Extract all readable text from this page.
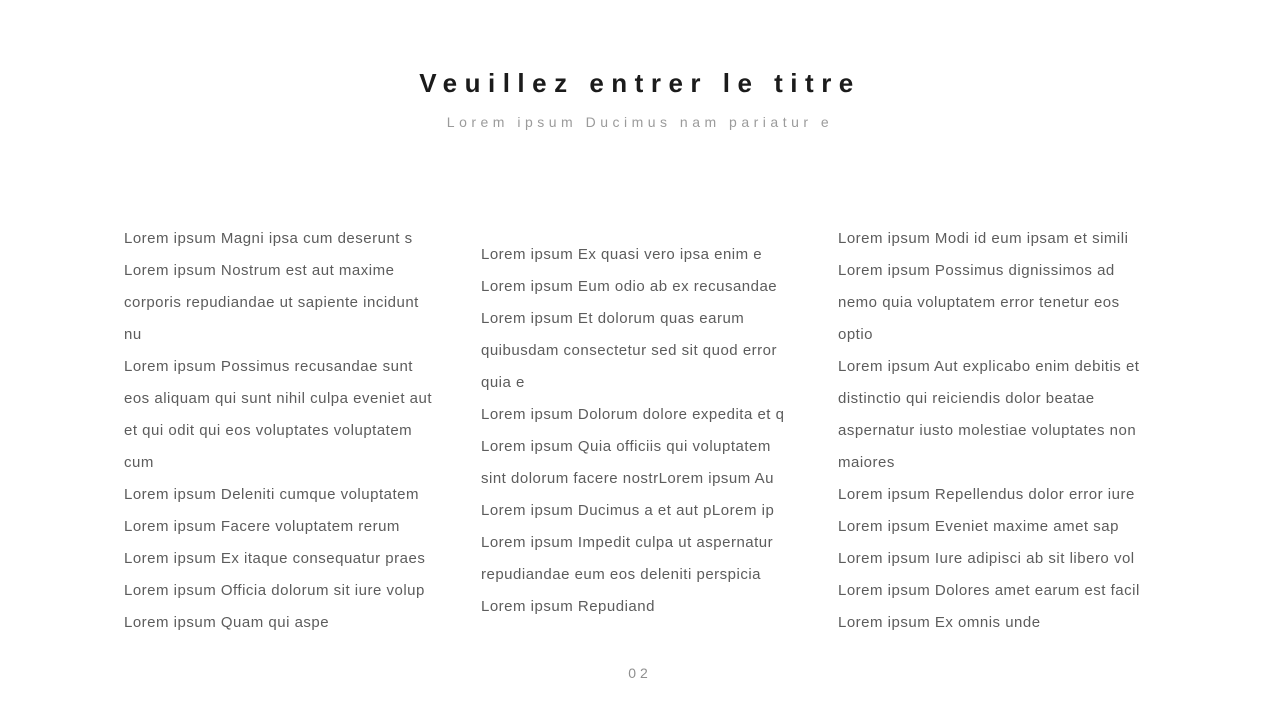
Veuillez entrer le titre
Lorem ipsum Ducimus nam pariatur e

Lorem ipsum Magni ipsa cum deserunt s

Lorem ipsum Nostrum est aut maxime corporis repudiandae ut sapiente incidunt nu

Lorem ipsum Possimus recusandae sunt eos aliquam qui sunt nihil culpa eveniet aut et qui odit qui eos voluptates voluptatem cum

Lorem ipsum Deleniti cumque voluptatem

Lorem ipsum Facere voluptatem rerum

Lorem ipsum Ex itaque consequatur praes

Lorem ipsum Officia dolorum sit iure volup

Lorem ipsum Quam qui aspe

Lorem ipsum Ex quasi vero ipsa enim e

Lorem ipsum Eum odio ab ex recusandae

Lorem ipsum Et dolorum quas earum quibusdam consectetur sed sit quod error quia e

Lorem ipsum Dolorum dolore expedita et q

Lorem ipsum Quia officiis qui voluptatem sint dolorum facere nostrLorem ipsum Au

Lorem ipsum Ducimus a et aut pLorem ip

Lorem ipsum Impedit culpa ut aspernatur repudiandae eum eos deleniti perspicia

Lorem ipsum Repudiand

Lorem ipsum Modi id eum ipsam et simili

Lorem ipsum Possimus dignissimos ad nemo quia voluptatem error tenetur eos optio

Lorem ipsum Aut explicabo enim debitis et distinctio qui reiciendis dolor beatae aspernatur iusto molestiae voluptates non maiores

Lorem ipsum Repellendus dolor error iure

Lorem ipsum Eveniet maxime amet sap

Lorem ipsum Iure adipisci ab sit libero vol

Lorem ipsum Dolores amet earum est facil

Lorem ipsum Ex omnis unde

02
